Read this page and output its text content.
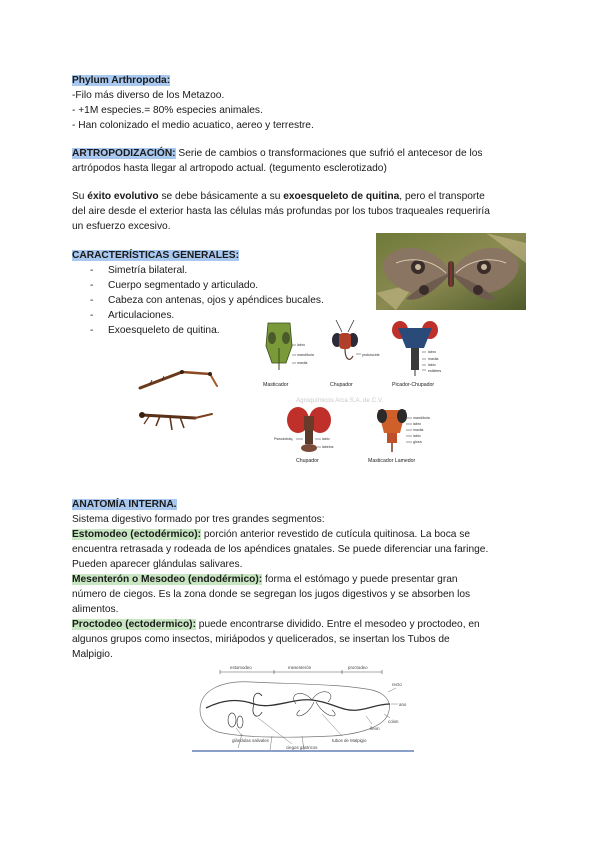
Phylum Arthropoda:
-Filo más diverso de los Metazoo.
- +1M especies.= 80% especies animales.
- Han colonizado el medio acuatico, aereo y terrestre.
ARTROPODIZACIÓN: Serie de cambios o transformaciones que sufrió el antecesor de los
artrópodos hasta llegar al artropodo actual. (tegumento esclerotizado)
Su éxito evolutivo se debe básicamente a su exoesqueleto de quitina, pero el transporte
del aire desde el exterior hasta las células más profundas por los tubos traqueales requeriría
un esfuerzo excesivo.
CARACTERÍSTICAS GENERALES:
- Simetría bilateral.
- Cuerpo segmentado y articulado.
- Cabeza con antenas, ojos y apéndices bucales.
- Articulaciones.
- Exoesqueleto de quitina.
labro
mandíbula
maxila
Masticador
probóscide
Chupador
labro
maxila
labio
estiletes
Picador-Chupador
Agroquímicos Arca S.A. de C.V.
Pseudotráq.	labio
labelos
Chupador
mandíbula
labro
maxila
labio
glosa
Masticador Lamedor
ANATOMÍA INTERNA.
Sistema digestivo formado por tres grandes segmentos:
Estomodeo (ectodérmico): porción anterior revestido de cutícula quitinosa. La boca se
encuentra retrasada y rodeada de los apéndices gnatales. Se puede diferenciar una faringe.
Pueden aparecer glándulas salivares.
Mesenterón o Mesodeo (endodérmico): forma el estómago y puede presentar gran
número de ciegos. Es la zona donde se segregan los jugos digestivos y se absorben los
alimentos.
Proctodeo (ectodermico): puede encontrarse dividido. Entre el mesodeo y proctodeo, en
algunos grupos como insectos, miriápodos y quelicerados, se insertan los Tubos de
Malpigio.
estomodeo	mesenterón	proctodeo
recto
ano
colon
íleon
glándulas salivales
ciegos gástricos
tubos de Malpigio
